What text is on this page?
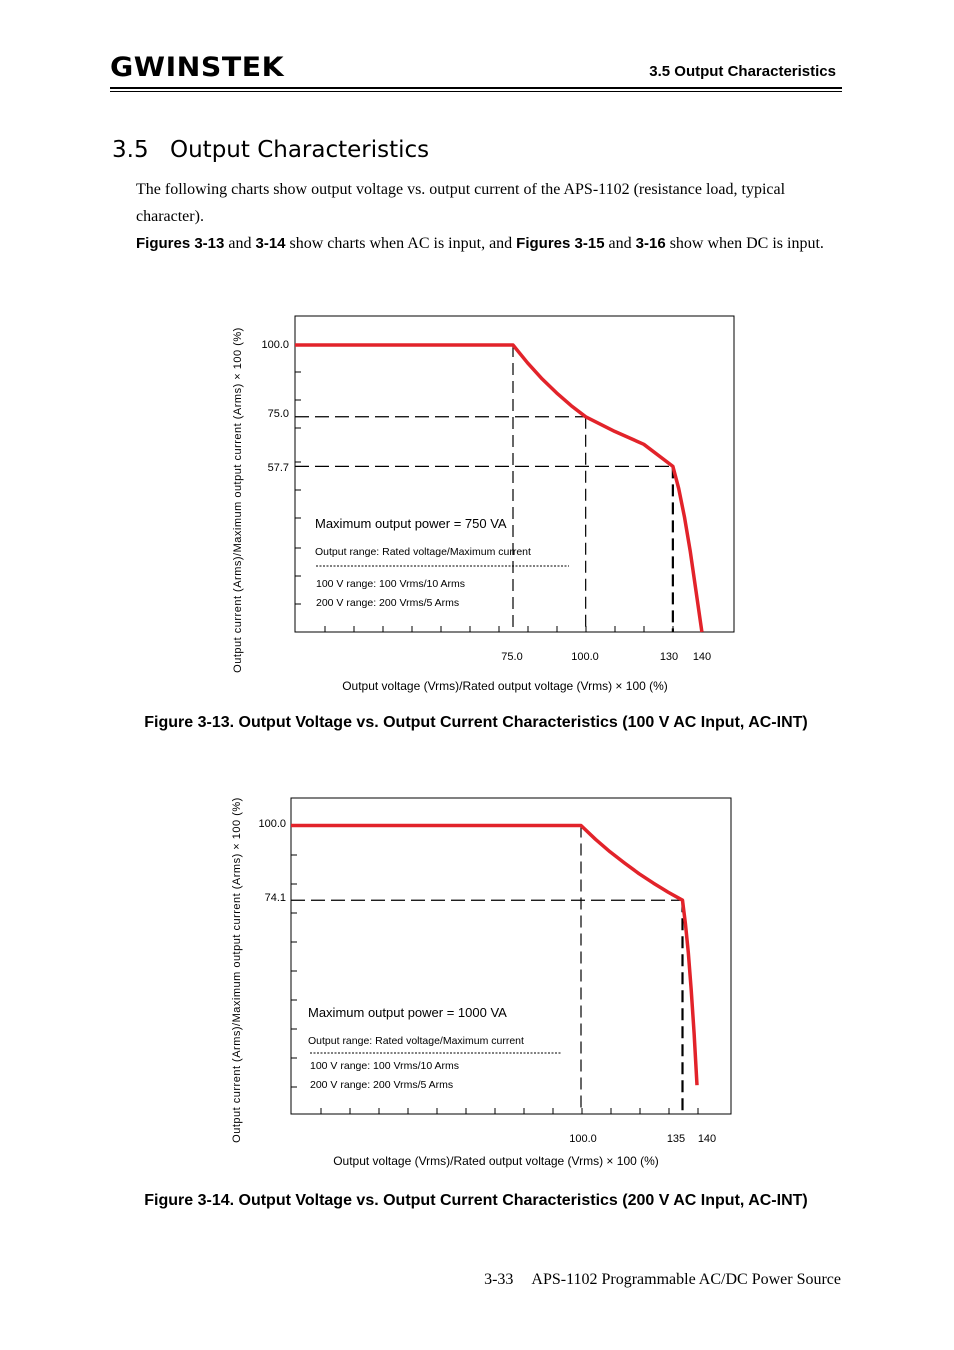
GWINSTEK	3.5 Output Characteristics
3.5 Output Characteristics
The following charts show output voltage vs. output current of the APS-1102 (resistance load, typical character).
Figures 3-13 and 3-14 show charts when AC is input, and Figures 3-15 and 3-16 show when DC is input.
100.0
75.0
57.7
75.0	100.0	130 140
Output voltage (Vrms)/Rated output voltage (Vrms) × 100 (%)
Output current (Arms)/Maximum output current (Arms) × 100 (%)	Maximum output power = 750 VA
Output range: Rated voltage/Maximum current
100 V range: 100 Vrms/10 Arms
200 V range: 200 Vrms/5 Arms
100.0
74.1
100.0	135 140
Output voltage (Vrms)/Rated output voltage (Vrms) × 100 (%)
Output current (Arms)/Maximum output current (Arms) × 100 (%)	Maximum output power = 1000 VA
Output range: Rated voltage/Maximum current
100 V range: 100 Vrms/10 Arms
200 V range: 200 Vrms/5 Arms
Figure 3-13. Output Voltage vs. Output Current Characteristics (100 V AC Input, AC-INT)
Figure 3-14. Output Voltage vs. Output Current Characteristics (200 V AC Input, AC-INT)
3-33 APS-1102 Programmable AC/DC Power Source
